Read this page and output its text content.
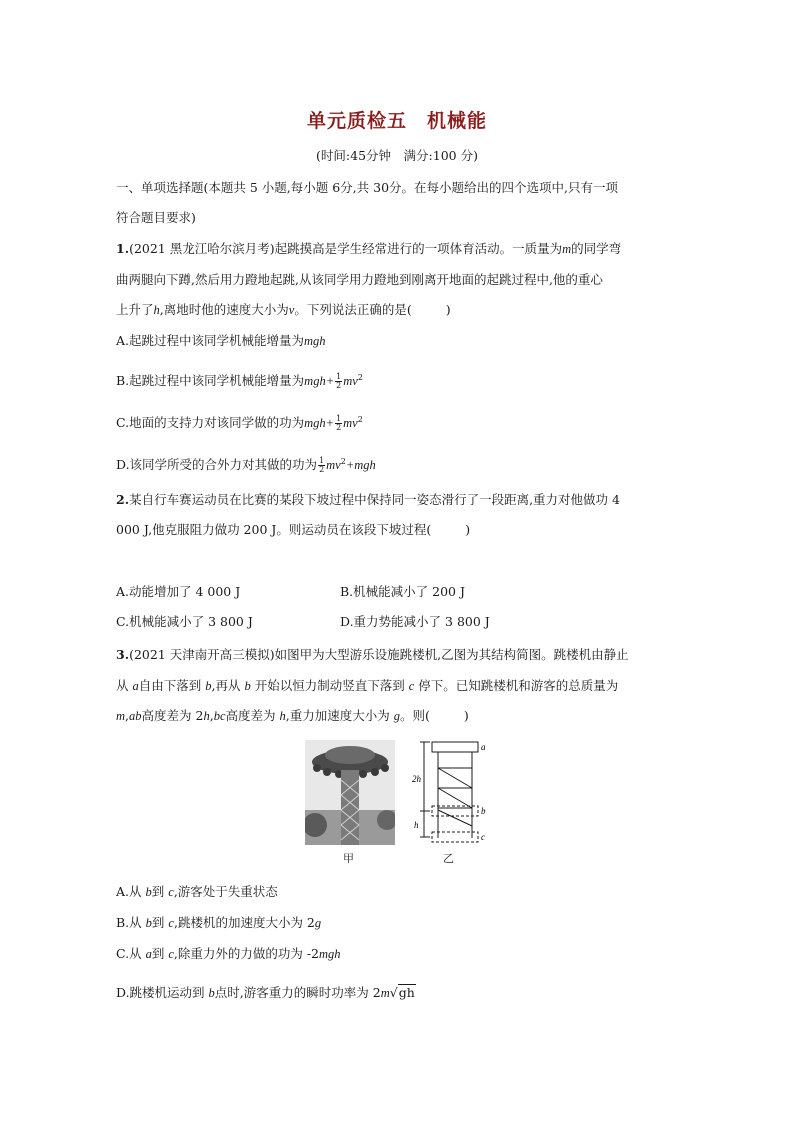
单元质检五　机械能
(时间:45分钟　满分:100 分)
一、单项选择题(本题共 5 小题,每小题 6分,共 30分。在每小题给出的四个选项中,只有一项
符合题目要求)
1.(2021 黑龙江哈尔滨月考)起跳摸高是学生经常进行的一项体育活动。一质量为m的同学弯
曲两腿向下蹲,然后用力蹬地起跳,从该同学用力蹬地到刚离开地面的起跳过程中,他的重心
上升了h,离地时他的速度大小为v。下列说法正确的是(	)
A.起跳过程中该同学机械能增量为mgh
B.起跳过程中该同学机械能增量为$mgh+ \frac{1}{2} mv^2$
C.地面的支持力对该同学做的功为$mgh+ \frac{1}{2} mv^2$
D.该同学所受的合外力对其做的功为 $\frac{1}{2} mv^2+mgh$
2.某自行车赛运动员在比赛的某段下坡过程中保持同一姿态滑行了一段距离,重力对他做功 4
000 J,他克服阻力做功 200 J。则运动员在该段下坡过程(	)
A.动能增加了 4 000 J	B.机械能减小了 200 J
C.机械能减小了 3 800 J	D.重力势能减小了 3 800 J
3.(2021 天津南开高三模拟)如图甲为大型游乐设施跳楼机,乙图为其结构简图。跳楼机由静止
从 a自由下落到 b,再从 b 开始以恒力制动竖直下落到 c 停下。已知跳楼机和游客的总质量为
m,ab高度差为 2h,bc高度差为 h,重力加速度大小为 g。则(	)
甲
2h
h
a
b
c
乙
A.从 b到 c,游客处于失重状态
B.从 b到 c,跳楼机的加速度大小为 2g
C.从 a到 c,除重力外的力做的功为 -2mgh
D.跳楼机运动到 b点时,游客重力的瞬时功率为 2m√gh
